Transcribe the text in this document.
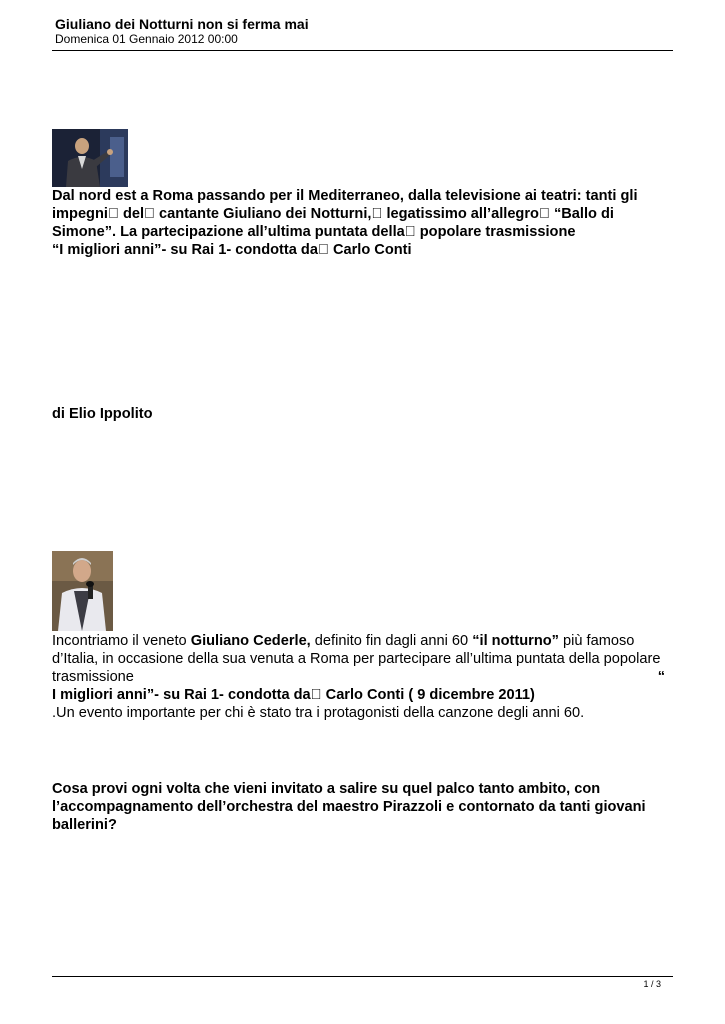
Giuliano dei Notturni non si ferma mai
Domenica 01 Gennaio 2012 00:00
Dal nord est a Roma passando per il Mediterraneo, dalla televisione ai teatri: tanti gli
impegni  del  cantante Giuliano dei Notturni,  legatissimo all’allegro  “Ballo di
Simone”. La partecipazione all’ultima puntata della  popolare trasmissione
“I migliori anni”- su Rai 1- condotta da  Carlo Conti
di Elio Ippolito
Incontriamo il veneto Giuliano Cederle, definito fin dagli anni 60 “il notturno” più famoso
d’Italia, in occasione della sua venuta a Roma per partecipare all’ultima puntata della popolare
trasmissione	“
I migliori anni”- su Rai 1- condotta da  Carlo Conti ( 9 dicembre 2011)
.Un evento importante per chi è stato tra i protagonisti della canzone degli anni 60.
Cosa provi ogni volta che vieni invitato a salire su quel palco tanto ambito, con
l’accompagnamento dell’orchestra del maestro Pirazzoli e contornato da tanti giovani
ballerini?
1 / 3
